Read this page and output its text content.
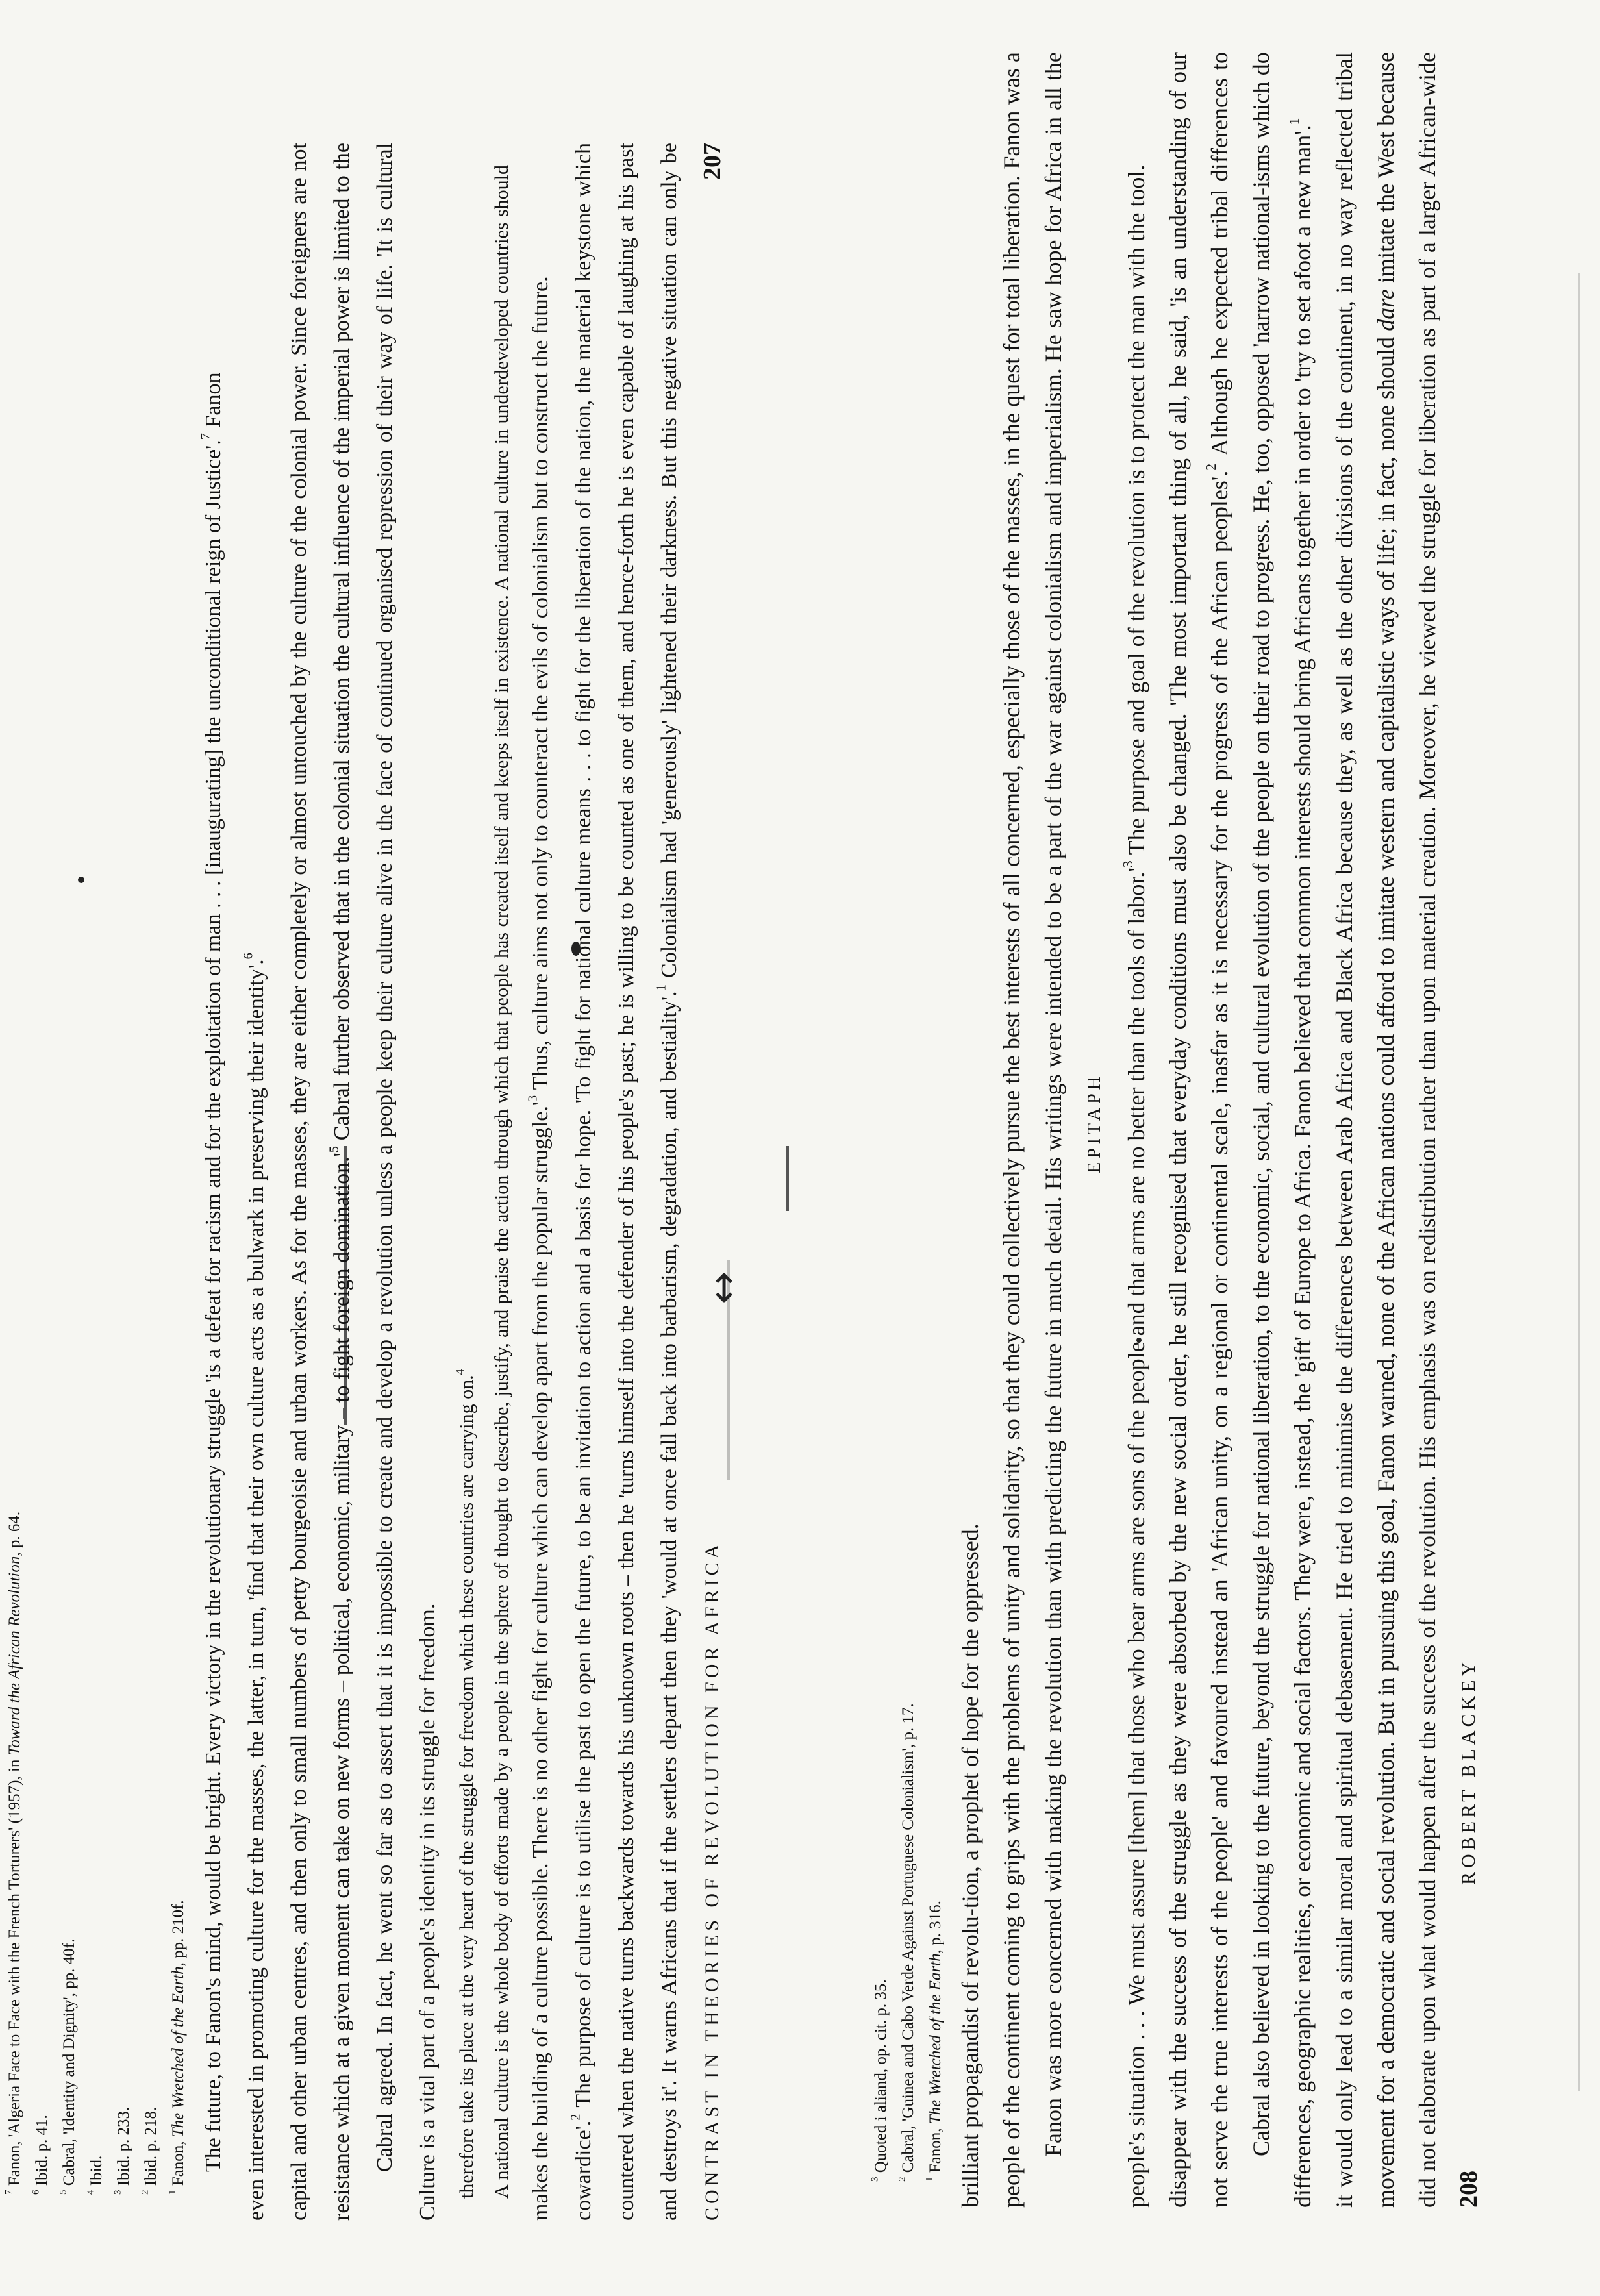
↕
CONTRAST IN THEORIES OF REVOLUTION FOR AFRICA
207

and destroys it'. It warns Africans that if the settlers depart then they 'would at once fall back into barbarism, degradation, and bestiality'.$^1$ Colonialism had 'generously' lightened their darkness. But this negative situation can only be countered when the native turns backwards towards his unknown roots – then he 'turns himself into the defender of his people's past; he is willing to be counted as one of them, and hence-forth he is even capable of laughing at his past cowardice'.$^2$ The purpose of culture is to utilise the past to open the future, to be an invitation to action and a basis for hope. 'To fight for national culture means . . . to fight for the liberation of the nation, the material keystone which makes the building of a culture possible. There is no other fight for culture which can develop apart from the popular struggle.'$^3$ Thus, culture aims not only to counteract the evils of colonialism but to construct the future.

A national culture is the whole body of efforts made by a people in the sphere of thought to describe, justify, and praise the action through which that people has created itself and keeps itself in existence. A national culture in underdeveloped countries should therefore take its place at the very heart of the struggle for freedom which these countries are carrying on.$^4$

Culture is a vital part of a people's identity in its struggle for freedom.

Cabral agreed. In fact, he went so far as to assert that it is impossible to create and develop a revolution unless a people keep their culture alive in the face of continued organised repression of their way of life. 'It is cultural resistance which at a given moment can take on new forms – political, economic, military – to fight foreign domination.'$^5$ Cabral further observed that in the colonial situation the cultural influence of the imperial power is limited to the capital and other urban centres, and then only to small numbers of petty bourgeoisie and urban workers. As for the masses, they are either completely or almost untouched by the culture of the colonial power. Since foreigners are not even interested in promoting culture for the masses, the latter, in turn, 'find that their own culture acts as a bulwark in preserving their identity'.$^6$

The future, to Fanon's mind, would be bright. Every victory in the revolutionary struggle 'is a defeat for racism and for the exploitation of man . . . [inaugurating] the unconditional reign of Justice'.$^7$ Fanon

$^1$ Fanon, The Wretched of the Earth, pp. 210f.
$^2$ Ibid. p. 218.
$^3$ Ibid. p. 233.
$^4$ Ibid.
$^5$ Cabral, 'Identity and Dignity', pp. 40f.
$^6$ Ibid. p. 41.
$^7$ Fanon, 'Algeria Face to Face with the French Torturers' (1957), in Toward the African Revolution, p. 64.
208
ROBERT BLACKEY

did not elaborate upon what would happen after the success of the revolution. His emphasis was on redistribution rather than upon material creation. Moreover, he viewed the struggle for liberation as part of a larger African-wide movement for a democratic and social revolution. But in pursuing this goal, Fanon warned, none of the African nations could afford to imitate western and capitalistic ways of life; in fact, none should dare imitate the West because it would only lead to a similar moral and spiritual debasement. He tried to minimise the differences between Arab Africa and Black Africa because they, as well as the other divisions of the continent, in no way reflected tribal differences, geographic realities, or economic and social factors. They were, instead, the 'gift' of Europe to Africa. Fanon believed that common interests should bring Africans together in order to 'try to set afoot a new man'.$^1$

Cabral also believed in looking to the future, beyond the struggle for national liberation, to the economic, social, and cultural evolution of the people on their road to progress. He, too, opposed 'narrow national-isms which do not serve the true interests of the people' and favoured instead an 'African unity, on a regional or continental scale, inasfar as it is necessary for the progress of the African peoples'.$^2$ Although he expected tribal differences to disappear with the success of the struggle as they were absorbed by the new social order, he still recognised that everyday conditions must also be changed. 'The most important thing of all, he said, 'is an understanding of our people's situation . . . We must assure [them] that those who bear arms are sons of the people and that arms are no better than the tools of labor.'$^3$ The purpose and goal of the revolution is to protect the man with the tool.

EPITAPH

Fanon was more concerned with making the revolution than with predicting the future in much detail. His writings were intended to be a part of the war against colonialism and imperialism. He saw hope for Africa in all the people of the continent coming to grips with the problems of unity and solidarity, so that they could collectively pursue the best interests of all concerned, especially those of the masses, in the quest for total liberation. Fanon was a brilliant propagandist of revolu-tion, a prophet of hope for the oppressed.

$^1$ Fanon, The Wretched of the Earth, p. 316.
$^2$ Cabral, 'Guinea and Cabo Verde Against Portuguese Colonialism', p. 17.
$^3$ Quoted i aliand, op. cit. p. 35.
